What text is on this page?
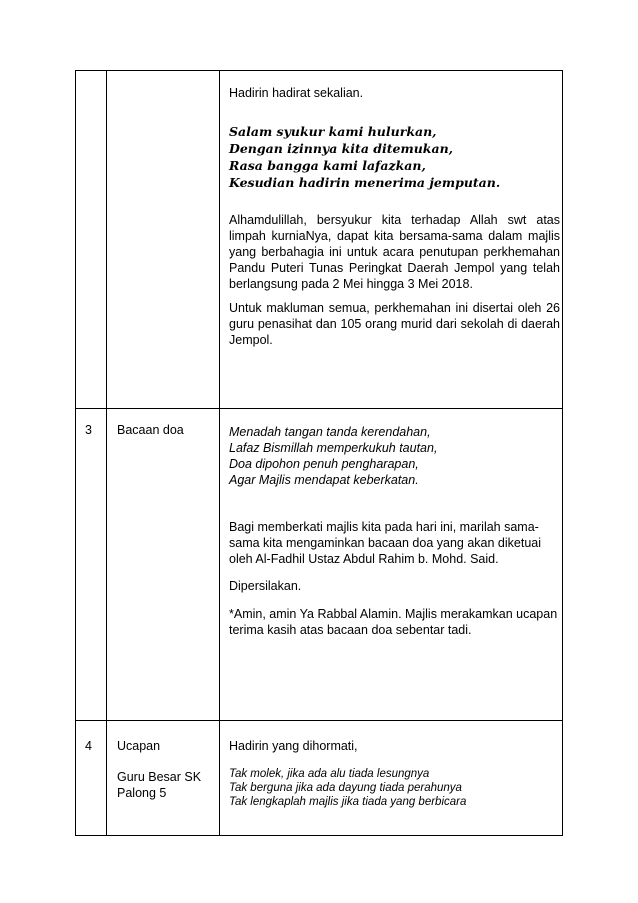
Hadirin hadirat sekalian.

Salam syukur kami hulurkan,
Dengan izinnya kita ditemukan,
Rasa bangga kami lafazkan,
Kesudian hadirin menerima jemputan.

Alhamdulillah, bersyukur kita terhadap Allah swt atas limpah kurniaNya, dapat kita bersama-sama dalam majlis yang berbahagia ini untuk acara penutupan perkhemahan Pandu Puteri Tunas Peringkat Daerah Jempol yang telah berlangsung pada 2 Mei hingga 3 Mei 2018.

Untuk makluman semua, perkhemahan ini disertai oleh 26 guru penasihat dan 105 orang murid dari sekolah di daerah Jempol.

3 Bacaan doa	Menadah tangan tanda kerendahan,
Lafaz Bismillah memperkukuh tautan,
Doa dipohon penuh pengharapan,
Agar Majlis mendapat keberkatan.

Bagi memberkati majlis kita pada hari ini, marilah sama-sama kita mengaminkan bacaan doa yang akan diketuai oleh Al-Fadhil Ustaz Abdul Rahim b. Mohd. Said.

Dipersilakan.

*Amin, amin Ya Rabbal Alamin. Majlis merakamkan ucapan terima kasih atas bacaan doa sebentar tadi.

4 Ucapan

Guru Besar SK Palong 5

Hadirin yang dihormati,

Tak molek, jika ada alu tiada lesungnya
Tak berguna jika ada dayung tiada perahunya
Tak lengkaplah majlis jika tiada yang berbicara
